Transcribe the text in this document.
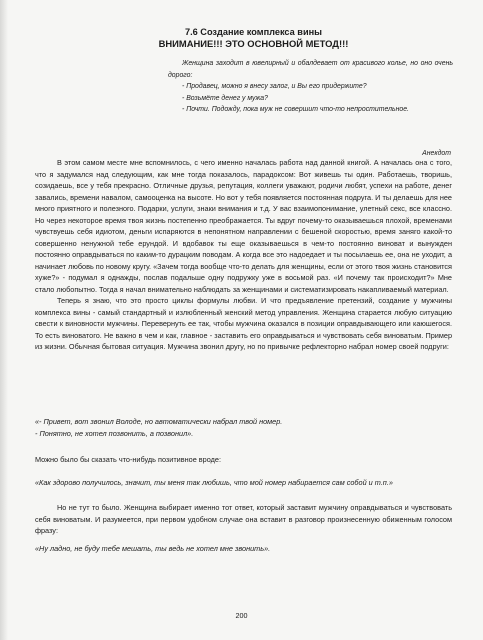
7.6 Создание комплекса вины
ВНИМАНИЕ!!! ЭТО ОСНОВНОЙ МЕТОД!!!

Женщина заходит в ювелирный и обалдевает от красивого колье, но оно очень дорого:

- Продавец, можно я внесу залог, и Вы его придержите?

- Возьмёте денег у мужа?

- Почти. Подожду, пока муж не совершит что-то непростительное.

Анекдот

В этом самом месте мне вспомнилось, с чего именно началась работа над данной книгой. А началась она с того, что я задумался над следующим, как мне тогда показалось, парадоксом: Вот живешь ты один. Работаешь, творишь, созидаешь, все у тебя прекрасно. Отличные друзья, репутация, коллеги уважают, родичи любят, успехи на работе, денег завались, времени навалом, самооценка на высоте. Но вот у тебя появляется постоянная подруга. И ты делаешь для нее много приятного и полезного. Подарки, услуги, знаки внимания и т.д. У вас взаимопонимание, улетный секс, все классно. Но через некоторое время твоя жизнь постепенно преображается. Ты вдруг почему-то оказываешься плохой, временами чувствуешь себя идиотом, деньги испаряются в непонятном направлении с бешеной скоростью, время заняго какой-то совершенно ненужной тебе ерундой. И вдобавок ты еще оказываешься в чем-то постоянно виноват и вынужден постоянно оправдываться по каким-то дурацким поводам. А когда все это надоедает и ты посылаешь ее, она не уходит, а начинает любовь по новому кругу. «Зачем тогда вообще что-то делать для женщины, если от этого твоя жизнь становится хуже?» - подумал я однажды, послав подальше одну подружку уже в восьмой раз. «И почему так происходит?» Мне стало любопытно. Тогда я начал внимательно наблюдать за женщинами и систематизировать накапливаемый материал.

Теперь я знаю, что это просто циклы формулы любви. И что предъявление претензий, создание у мужчины комплекса вины - самый стандартный и излюбленный женский метод управления. Женщина старается любую ситуацию свести к виновности мужчины. Перевернуть ее так, чтобы мужчина оказался в позиции оправдывающего или каюшегося. То есть виноватого. Не важно в чем и как, главное - заставить его оправдываться и чувствовать себя виноватым. Пример из жизни. Обычная бытовая ситуация. Мужчина звонил другу, но по привычке рефлекторно набрал номер своей подруги:

«- Привет, вот звонил Володе, но автоматически набрал твой номер.

- Понятно, не хотел позвонить, а позвонил».

Можно было бы сказать что-нибудь позитивное вроде:

«Как здорово получилось, значит, ты меня так любишь, что мой номер набирается сам собой и т.п.»

Но не тут то было. Женщина выбирает именно тот ответ, который заставит мужчину оправдываться и чувствовать себя виноватым. И разумеется, при первом удобном случае она вставит в разговор произнесенную обиженным голосом фразу:

«Ну ладно, не буду тебе мешать, ты ведь не хотел мне звонить».

200
